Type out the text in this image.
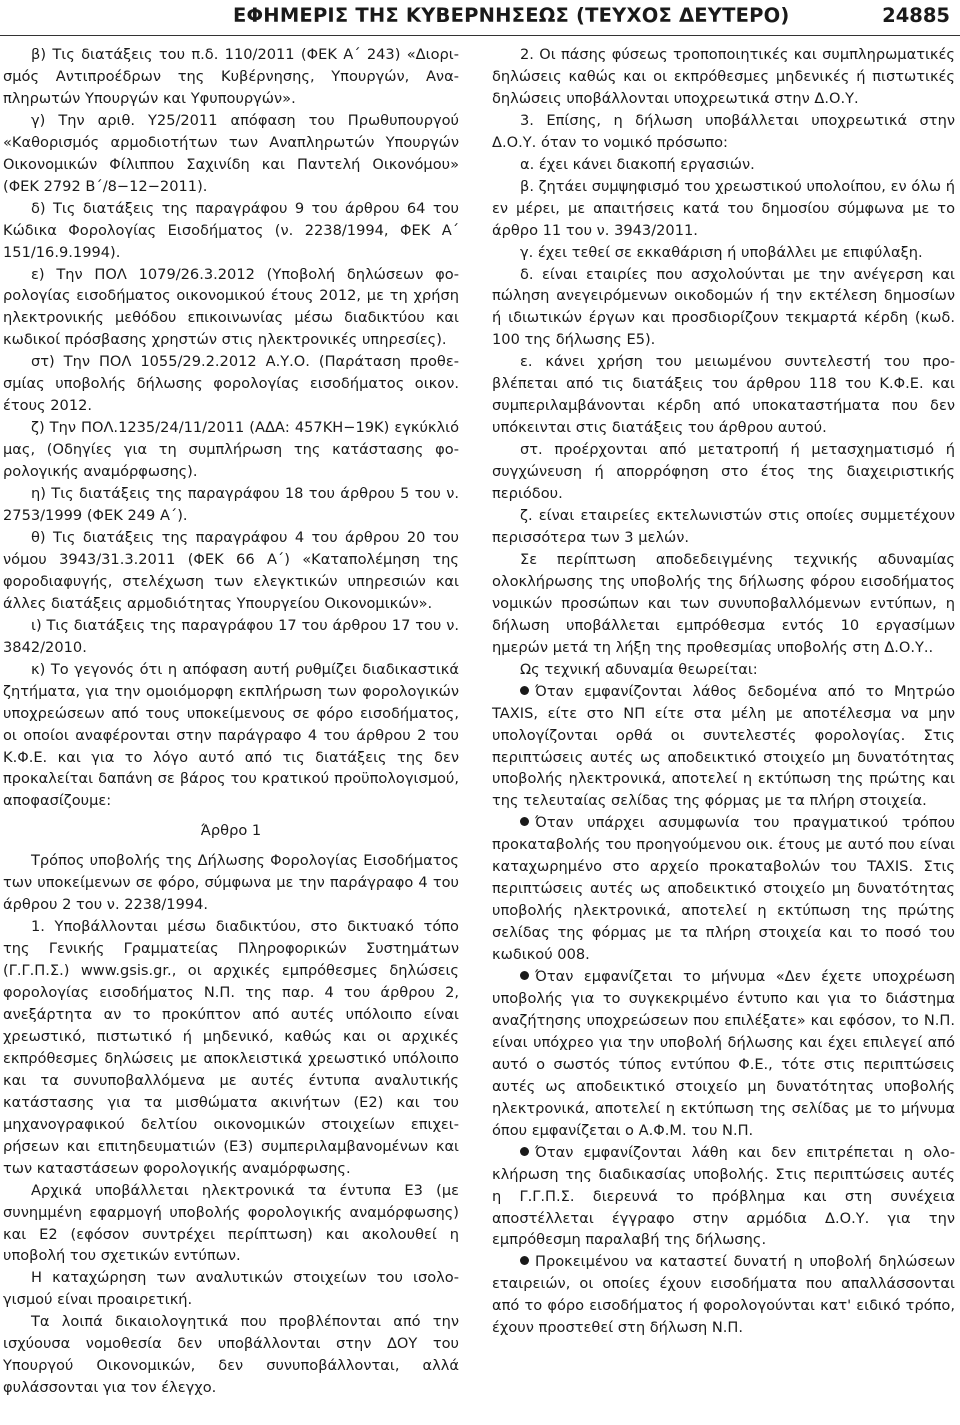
ΕΦΗΜΕΡΙΣ ΤΗΣ ΚΥΒΕΡΝΗΣΕΩΣ (ΤΕΥΧΟΣ ΔΕΥΤΕΡΟ)	24885

β) Τις διατάξεις του π.δ. 110/2011 (ΦΕΚ Α΄ 243) «Διορισμός Αντιπροέδρων της Κυβέρνησης, Υπουργών, Αναπληρωτών Υπουργών και Υφυπουργών».

γ) Την αριθ. Υ25/2011 απόφαση του Πρωθυπουργού «Καθορισμός αρμοδιοτήτων των Αναπληρωτών Υπουργών Οικονομικών Φίλιππου Σαχινίδη και Παντελή Οικονόμου» (ΦΕΚ 2792 Β΄/8−12−2011).

δ) Τις διατάξεις της παραγράφου 9 του άρθρου 64 του Κώδικα Φορολογίας Εισοδήματος (ν. 2238/1994, ΦΕΚ Α΄ 151/16.9.1994).

ε) Την ΠΟΛ 1079/26.3.2012 (Υποβολή δηλώσεων φορολογίας εισοδήματος οικονομικού έτους 2012, με τη χρήση ηλεκτρονικής μεθόδου επικοινωνίας μέσω διαδικτύου και κωδικοί πρόσβασης χρηστών στις ηλεκτρονικές υπηρεσίες).

στ) Την ΠΟΛ 1055/29.2.2012 Α.Υ.Ο. (Παράταση προθεσμίας υποβολής δήλωσης φορολογίας εισοδήματος οικον. έτους 2012.

ζ) Την ΠΟΛ.1235/24/11/2011 (ΑΔΑ: 457ΚΗ−19Κ) εγκύκλιό μας, (Οδηγίες για τη συμπλήρωση της κατάστασης φορολογικής αναμόρφωσης).

η) Τις διατάξεις της παραγράφου 18 του άρθρου 5 του ν. 2753/1999 (ΦΕΚ 249 Α΄).

θ) Τις διατάξεις της παραγράφου 4 του άρθρου 20 του νόμου 3943/31.3.2011 (ΦΕΚ 66 Α΄) «Καταπολέμηση της φοροδιαφυγής, στελέχωση των ελεγκτικών υπηρεσιών και άλλες διατάξεις αρμοδιότητας Υπουργείου Οικονομικών».

ι) Τις διατάξεις της παραγράφου 17 του άρθρου 17 του ν. 3842/2010.

κ) Το γεγονός ότι η απόφαση αυτή ρυθμίζει διαδικαστικά ζητήματα, για την ομοιόμορφη εκπλήρωση των φορολογικών υποχρεώσεων από τους υποκείμενους σε φόρο εισοδήματος, οι οποίοι αναφέρονται στην παράγραφο 4 του άρθρου 2 του Κ.Φ.Ε. και για το λόγο αυτό από τις διατάξεις της δεν προκαλείται δαπάνη σε βάρος του κρατικού προϋπολογισμού, αποφασίζουμε:

Άρθρο 1

Τρόπος υποβολής της Δήλωσης Φορολογίας Εισοδήματος των υποκείμενων σε φόρο, σύμφωνα με την παράγραφο 4 του άρθρου 2 του ν. 2238/1994.

1. Υποβάλλονται μέσω διαδικτύου, στο δικτυακό τόπο της Γενικής Γραμματείας Πληροφορικών Συστημάτων (Γ.Γ.Π.Σ.) www.gsis.gr., οι αρχικές εμπρόθεσμες δηλώσεις φορολογίας εισοδήματος Ν.Π. της παρ. 4 του άρθρου 2, ανεξάρτητα αν το προκύπτον από αυτές υπόλοιπο είναι χρεωστικό, πιστωτικό ή μηδενικό, καθώς και οι αρχικές εκπρόθεσμες δηλώσεις με αποκλειστικά χρεωστικό υπόλοιπο και τα συνυποβαλλόμενα με αυτές έντυπα αναλυτικής κατάστασης για τα μισθώματα ακινήτων (Ε2) και του μηχανογραφικού δελτίου οικονομικών στοιχείων επιχειρήσεων και επιτηδευματιών (Ε3) συμπεριλαμβανομένων και των καταστάσεων φορολογικής αναμόρφωσης.

Αρχικά υποβάλλεται ηλεκτρονικά τα έντυπα Ε3 (με συνημμένη εφαρμογή υποβολής φορολογικής αναμόρφωσης) και Ε2 (εφόσον συντρέχει περίπτωση) και ακολουθεί η υποβολή του σχετικών εντύπων.

Η καταχώρηση των αναλυτικών στοιχείων του ισολογισμού είναι προαιρετική.

Τα λοιπά δικαιολογητικά που προβλέπονται από την ισχύουσα νομοθεσία δεν υποβάλλονται στην ΔΟΥ του Υπουργού Οικονομικών, δεν συνυποβάλλονται, αλλά φυλάσσονται για τον έλεγχο.

2. Οι πάσης φύσεως τροποποιητικές και συμπληρωματικές δηλώσεις καθώς και οι εκπρόθεσμες μηδενικές ή πιστωτικές δηλώσεις υποβάλλονται υποχρεωτικά στην Δ.Ο.Υ.

3. Επίσης, η δήλωση υποβάλλεται υποχρεωτικά στην Δ.Ο.Υ. όταν το νομικό πρόσωπο:

α. έχει κάνει διακοπή εργασιών.

β. ζητάει συμψηφισμό του χρεωστικού υπολοίπου, εν όλω ή εν μέρει, με απαιτήσεις κατά του δημοσίου σύμφωνα με το άρθρο 11 του ν. 3943/2011.

γ. έχει τεθεί σε εκκαθάριση ή υποβάλλει με επιφύλαξη.

δ. είναι εταιρίες που ασχολούνται με την ανέγερση και πώληση ανεγειρόμενων οικοδομών ή την εκτέλεση δημοσίων ή ιδιωτικών έργων και προσδιορίζουν τεκμαρτά κέρδη (κωδ. 100 της δήλωσης Ε5).

ε. κάνει χρήση του μειωμένου συντελεστή του προβλέπεται από τις διατάξεις του άρθρου 118 του Κ.Φ.Ε. και συμπεριλαμβάνονται κέρδη από υποκαταστήματα που δεν υπόκεινται στις διατάξεις του άρθρου αυτού.

στ. προέρχονται από μετατροπή ή μετασχηματισμό ή συγχώνευση ή απορρόφηση στο έτος της διαχειριστικής περιόδου.

ζ. είναι εταιρείες εκτελωνιστών στις οποίες συμμετέχουν περισσότερα των 3 μελών.

Σε περίπτωση αποδεδειγμένης τεχνικής αδυναμίας ολοκλήρωσης της υποβολής της δήλωσης φόρου εισοδήματος νομικών προσώπων και των συνυποβαλλόμενων εντύπων, η δήλωση υποβάλλεται εμπρόθεσμα εντός 10 εργασίμων ημερών μετά τη λήξη της προθεσμίας υποβολής στη Δ.Ο.Υ..

Ως τεχνική αδυναμία θεωρείται:

Όταν εμφανίζονται λάθος δεδομένα από το Μητρώο TAXIS, είτε στο ΝΠ είτε στα μέλη με αποτέλεσμα να μην υπολογίζονται ορθά οι συντελεστές φορολογίας. Στις περιπτώσεις αυτές ως αποδεικτικό στοιχείο μη δυνατότητας υποβολής ηλεκτρονικά, αποτελεί η εκτύπωση της πρώτης και της τελευταίας σελίδας της φόρμας με τα πλήρη στοιχεία.

Όταν υπάρχει ασυμφωνία του πραγματικού τρόπου προκαταβολής του προηγούμενου οικ. έτους με αυτό που είναι καταχωρημένο στο αρχείο προκαταβολών του TAXIS. Στις περιπτώσεις αυτές ως αποδεικτικό στοιχείο μη δυνατότητας υποβολής ηλεκτρονικά, αποτελεί η εκτύπωση της πρώτης σελίδας της φόρμας με τα πλήρη στοιχεία και το ποσό του κωδικού 008.

Όταν εμφανίζεται το μήνυμα «Δεν έχετε υποχρέωση υποβολής για το συγκεκριμένο έντυπο και για το διάστημα αναζήτησης υποχρεώσεων που επιλέξατε» και εφόσον, το Ν.Π. είναι υπόχρεο για την υποβολή δήλωσης και έχει επιλεγεί από αυτό ο σωστός τύπος εντύπου Φ.Ε., τότε στις περιπτώσεις αυτές ως αποδεικτικό στοιχείο μη δυνατότητας υποβολής ηλεκτρονικά, αποτελεί η εκτύπωση της σελίδας με το μήνυμα όπου εμφανίζεται ο Α.Φ.Μ. του Ν.Π.

Όταν εμφανίζονται λάθη και δεν επιτρέπεται η ολοκλήρωση της διαδικασίας υποβολής. Στις περιπτώσεις αυτές η Γ.Γ.Π.Σ. διερευνά το πρόβλημα και στη συνέχεια αποστέλλεται έγγραφο στην αρμόδια Δ.Ο.Υ. για την εμπρόθεσμη παραλαβή της δήλωσης.

Προκειμένου να καταστεί δυνατή η υποβολή δηλώσεων εταιρειών, οι οποίες έχουν εισοδήματα που απαλλάσσονται από το φόρο εισοδήματος ή φορολογούνται κατ' ειδικό τρόπο, έχουν προστεθεί στη δήλωση Ν.Π.
